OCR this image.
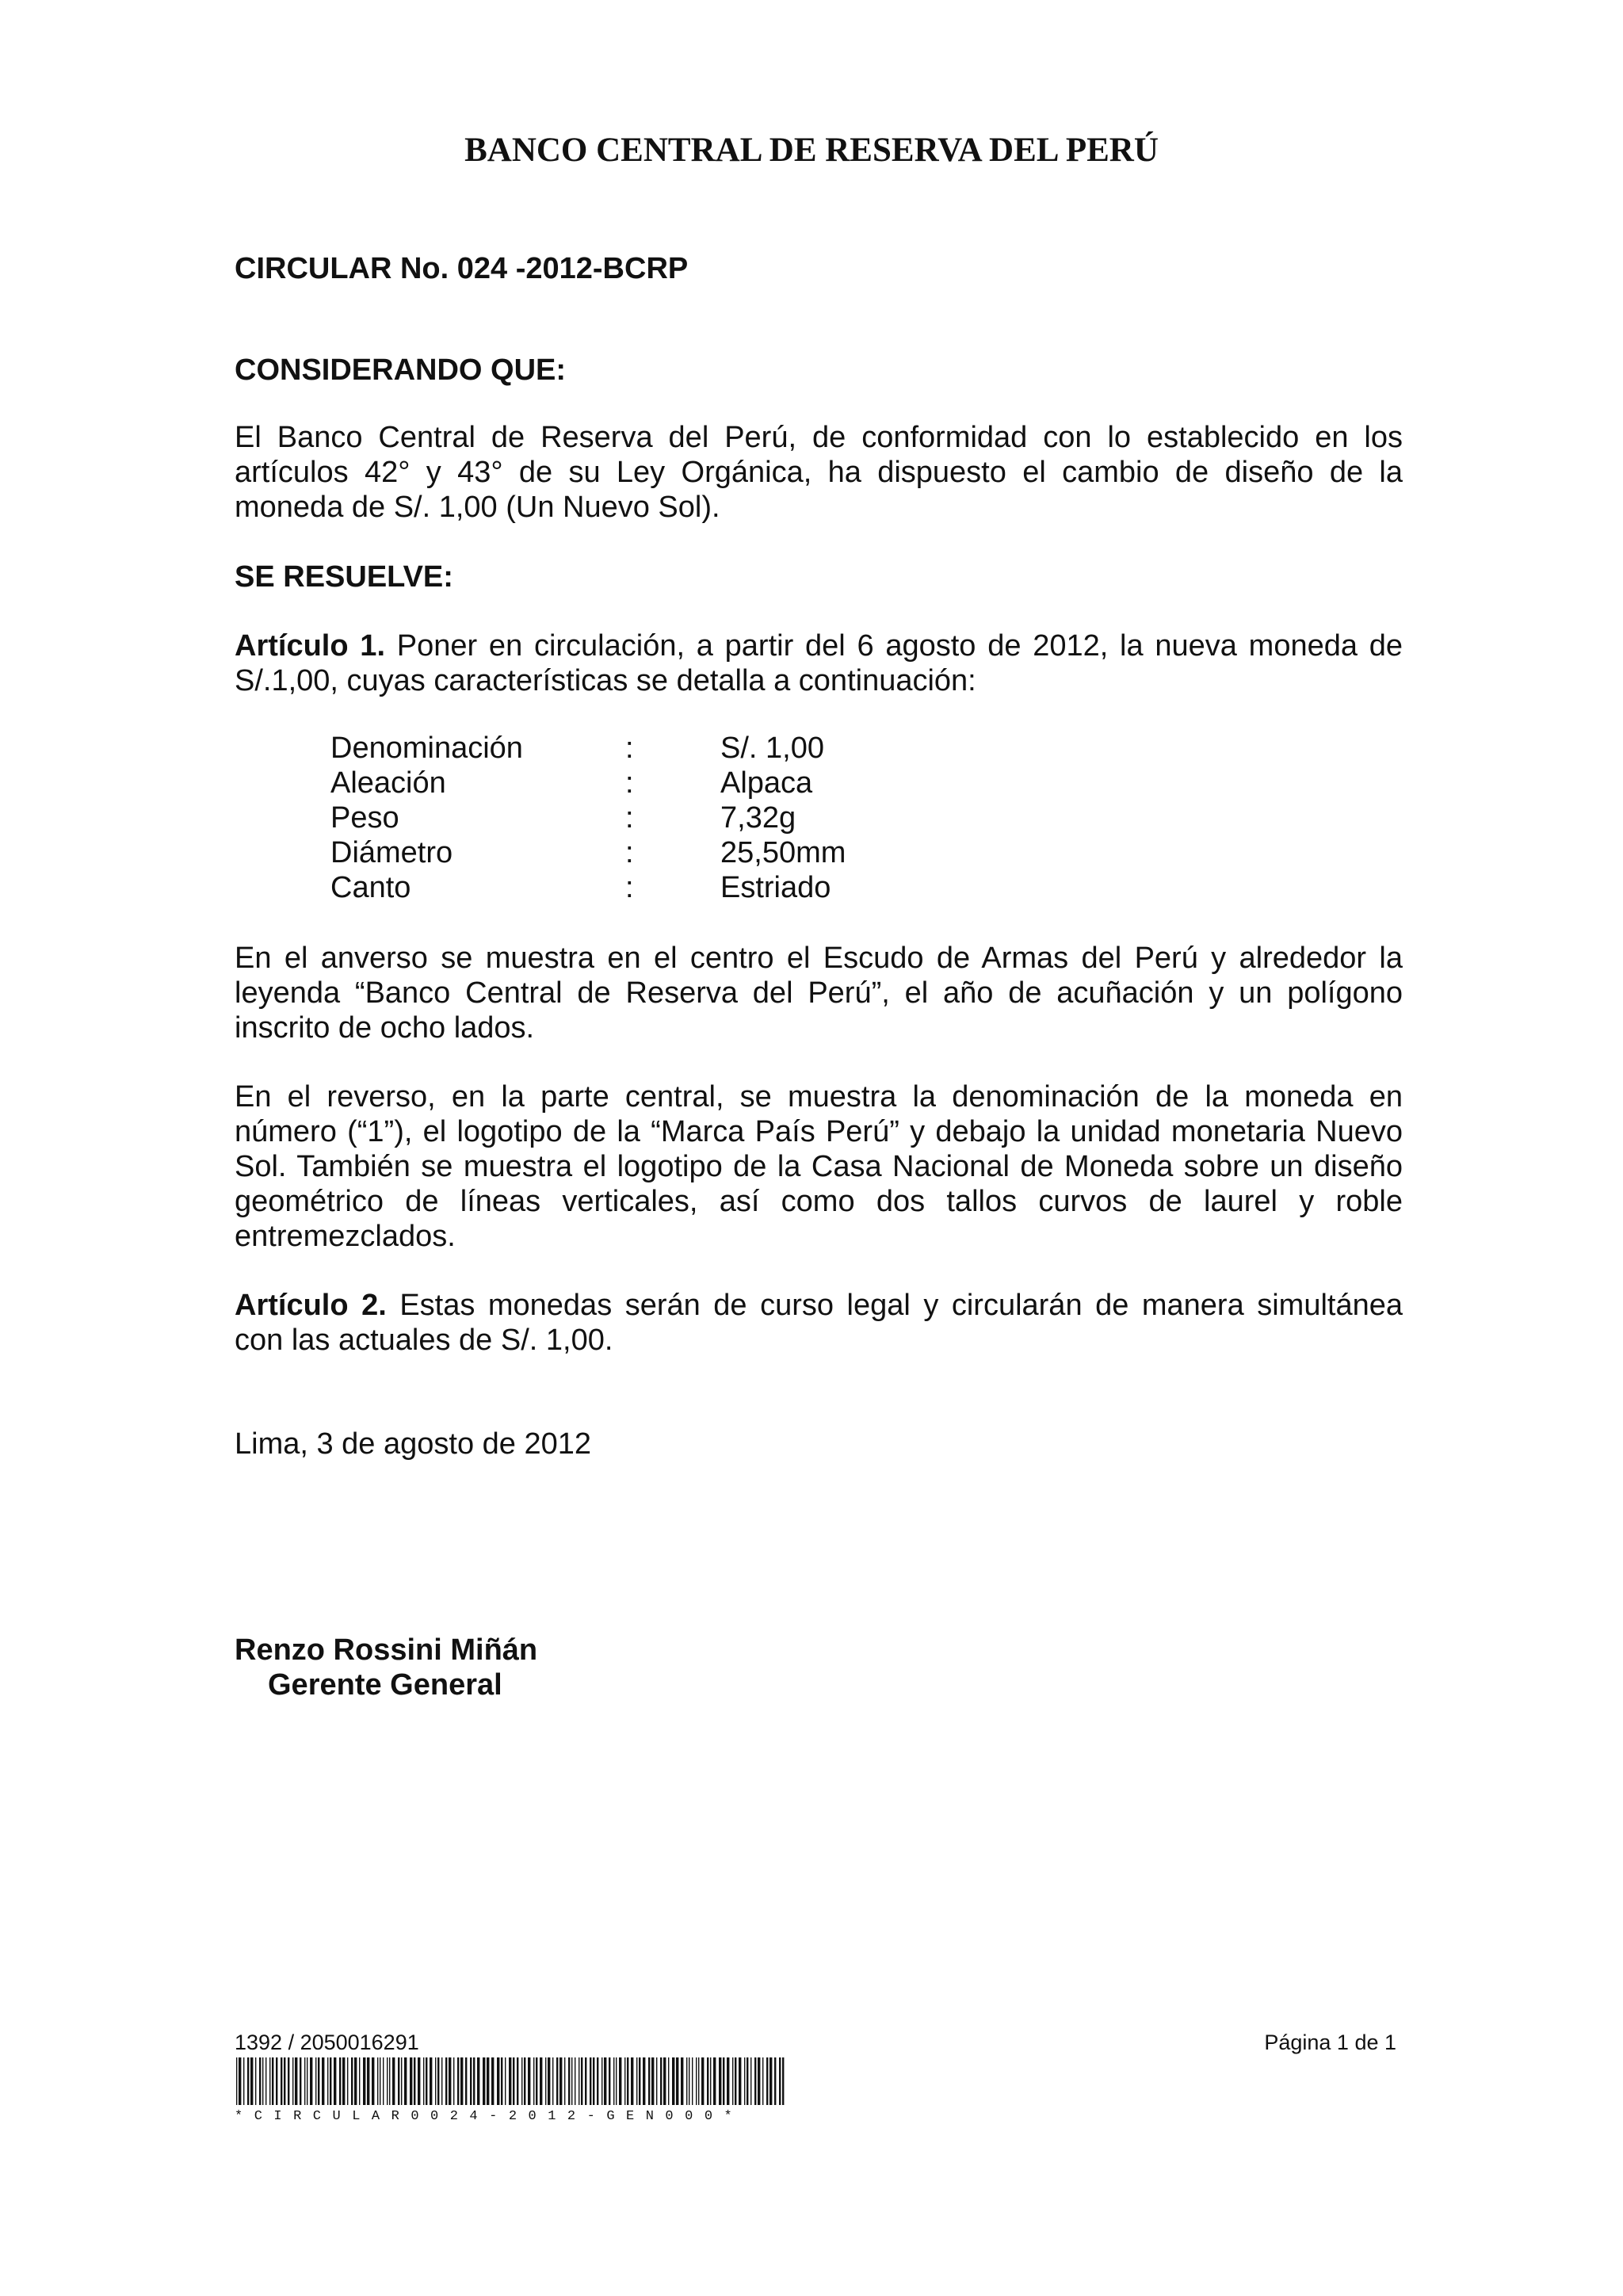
BANCO CENTRAL DE RESERVA DEL PERÚ

CIRCULAR No. 024 -2012-BCRP

CONSIDERANDO QUE:

El Banco Central de Reserva del Perú, de conformidad con lo establecido en los artículos 42° y 43° de su Ley Orgánica, ha dispuesto el cambio de diseño de la moneda de S/. 1,00 (Un Nuevo Sol).

SE RESUELVE:

Artículo 1. Poner en circulación, a partir del 6 agosto de 2012, la nueva moneda de S/.1,00, cuyas características se detalla a continuación:

Denominación	:	S/. 1,00
Aleación	:	Alpaca
Peso	:	7,32g
Diámetro	:	25,50mm
Canto	:	Estriado

En el anverso se muestra en el centro el Escudo de Armas del Perú y alrededor la leyenda “Banco Central de Reserva del Perú”, el año de acuñación y un polígono inscrito de ocho lados.

En el reverso, en la parte central, se muestra la denominación de la moneda en número (“1”), el logotipo de la “Marca País Perú” y debajo la unidad monetaria Nuevo Sol. También se muestra el logotipo de la Casa Nacional de Moneda sobre un diseño geométrico de líneas verticales, así como dos tallos curvos de laurel y roble entremezclados.

Artículo 2. Estas monedas serán de curso legal y circularán de manera simultánea con las actuales de S/. 1,00.

Lima, 3 de agosto de 2012

Renzo Rossini Miñán
Gerente General
1392 / 2050016291	Página 1 de 1
*CIRCULAR0024-2012-GEN000*
